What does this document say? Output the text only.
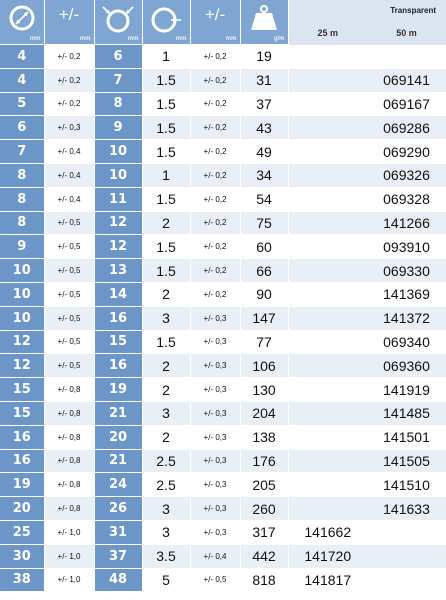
mm	+/-
mm	mm	mm	+/-
mm	g/m	Transparent	
						25 m	50 m
4	+/- 0,2	6	1	+/- 0,2	19		
4	+/- 0,2	7	1.5	+/- 0,2	31		069141
5	+/- 0,2	8	1.5	+/- 0,2	37		069167
6	+/- 0,3	9	1.5	+/- 0,2	43		069286
7	+/- 0,4	10	1.5	+/- 0,2	49		069290
8	+/- 0,4	10	1	+/- 0,2	34		069326
8	+/- 0,4	11	1.5	+/- 0,2	54		069328
8	+/- 0,5	12	2	+/- 0,2	75		141266
9	+/- 0,5	12	1.5	+/- 0,2	60		093910
10	+/- 0,5	13	1.5	+/- 0,2	66		069330
10	+/- 0,5	14	2	+/- 0,2	90		141369
10	+/- 0,5	16	3	+/- 0,3	147		141372
12	+/- 0,5	15	1.5	+/- 0,3	77		069340
12	+/- 0,5	16	2	+/- 0,3	106		069360
15	+/- 0,8	19	2	+/- 0,3	130		141919
15	+/- 0,8	21	3	+/- 0,3	204		141485
16	+/- 0,8	20	2	+/- 0,3	138		141501
16	+/- 0,8	21	2.5	+/- 0,3	176		141505
19	+/- 0,8	24	2.5	+/- 0,3	205		141510
20	+/- 0,8	26	3	+/- 0,3	260		141633
25	+/- 1,0	31	3	+/- 0,3	317	141662	
30	+/- 1,0	37	3.5	+/- 0,4	442	141720	
38	+/- 1,0	48	5	+/- 0,5	818	141817	
